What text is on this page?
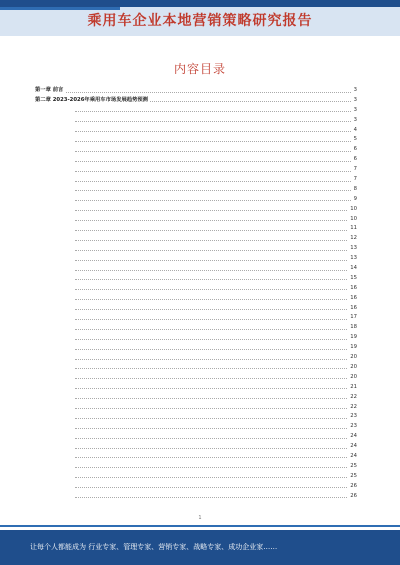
乘用车企业本地营销策略研究报告
内容目录
第一章 前言	3
第二章 2023-2026年乘用车市场发展趋势预测	3
3
3
4
5
6
6
7
7
8
9
10
10
11
12
13
13
14
15
16
16
16
17
18
19
19
20
20
20
21
22
22
23
23
24
24
24
25
25
26
26
1
让每个人都能成为 行业专家、管理专家、营销专家、战略专家、成功企业家……
